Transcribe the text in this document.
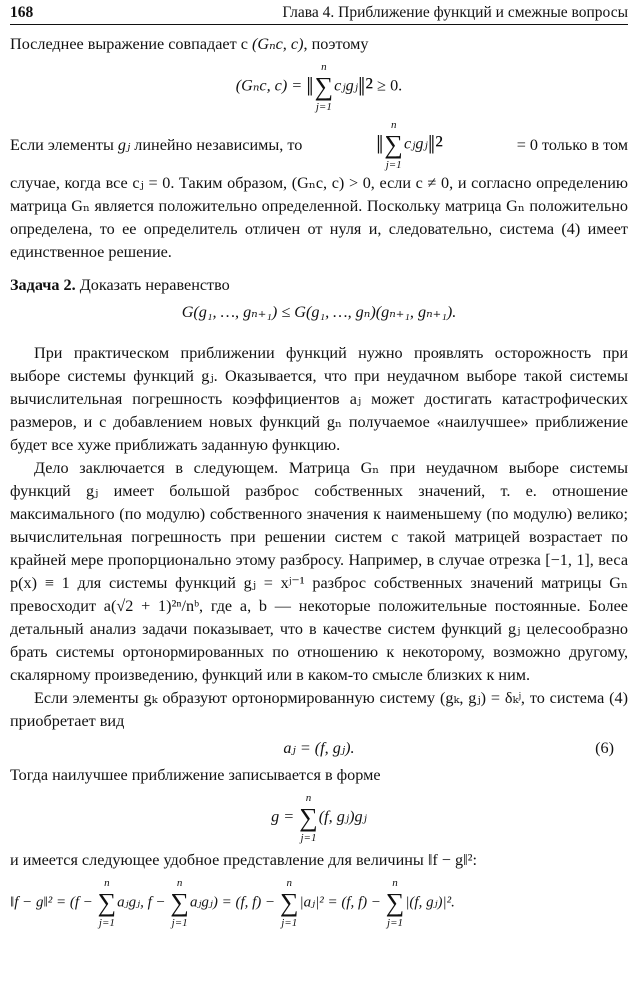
168	Глава 4. Приближение функций и смежные вопросы

Последнее выражение совпадает с (Gₙc, c), поэтому

(Gₙc, c) = ‖
n
∑
j=1
cⱼgⱼ‖² ≥ 0.

Если элементы gⱼ линейно независимы, то	‖
n
∑
j=1
cⱼgⱼ‖²	= 0 только в том

случае, когда все cⱼ = 0. Таким образом, (Gₙc, c) > 0, если c ≠ 0, и согласно определению матрица Gₙ является положительно определенной. Поскольку матрица Gₙ положительно определена, то ее определитель отличен от нуля и, следовательно, система (4) имеет единственное решение.

Задача 2. Доказать неравенство

G(g₁, …, gₙ₊₁) ≤ G(g₁, …, gₙ)(gₙ₊₁, gₙ₊₁).

При практическом приближении функций нужно проявлять осторожность при выборе системы функций gⱼ. Оказывается, что при неудачном выборе такой системы вычислительная погрешность коэффициентов aⱼ может достигать катастрофических размеров, и с добавлением новых функций gₙ получаемое «наилучшее» приближение будет все хуже приближать заданную функцию.

Дело заключается в следующем. Матрица Gₙ при неудачном выборе системы функций gⱼ имеет большой разброс собственных значений, т. е. отношение максимального (по модулю) собственного значения к наименьшему (по модулю) велико; вычислительная погрешность при решении систем с такой матрицей возрастает по крайней мере пропорционально этому разбросу. Например, в случае отрезка [−1, 1], веса p(x) ≡ 1 для системы функций gⱼ = xʲ⁻¹ разброс собственных значений матрицы Gₙ превосходит a(√2 + 1)²ⁿ/nᵇ, где a, b — некоторые положительные постоянные. Более детальный анализ задачи показывает, что в качестве систем функций gⱼ целесообразно брать системы ортонормированных по отношению к некоторому, возможно другому, скалярному произведению, функций или в каком-то смысле близких к ним.

Если элементы gₖ образуют ортонормированную систему (gₖ, gⱼ) = δₖʲ, то система (4) приобретает вид

aⱼ = (f, gⱼ).	(6)

Тогда наилучшее приближение записывается в форме

g =
n
∑
j=1
(f, gⱼ)gⱼ

и имеется следующее удобное представление для величины ‖f − g‖²:

‖f − g‖² = (f −
n
∑
j=1
aⱼgⱼ, f −
n
∑
j=1
aⱼgⱼ) = (f, f) −
n
∑
j=1
|aⱼ|² = (f, f) −
n
∑
j=1
|(f, gⱼ)|².
